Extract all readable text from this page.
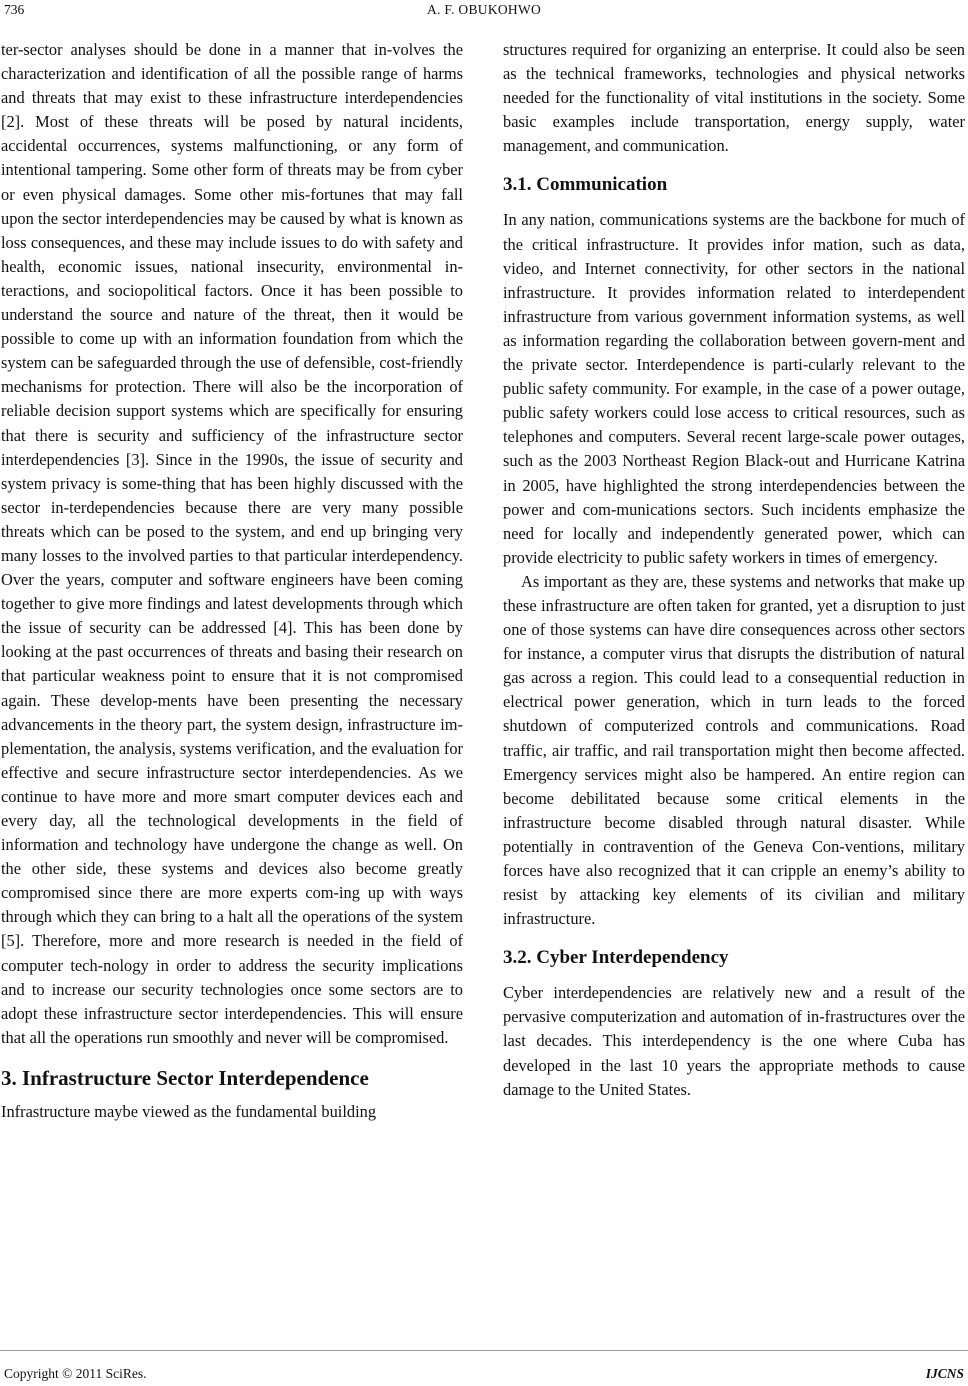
736	A. F. OBUKOHWO

ter-sector analyses should be done in a manner that in-volves the characterization and identification of all the possible range of harms and threats that may exist to these infrastructure interdependencies [2]. Most of these threats will be posed by natural incidents, accidental occurrences, systems malfunctioning, or any form of intentional tampering. Some other form of threats may be from cyber or even physical damages. Some other mis-fortunes that may fall upon the sector interdependencies may be caused by what is known as loss consequences, and these may include issues to do with safety and health, economic issues, national insecurity, environmental in-teractions, and sociopolitical factors. Once it has been possible to understand the source and nature of the threat, then it would be possible to come up with an information foundation from which the system can be safeguarded through the use of defensible, cost-friendly mechanisms for protection. There will also be the incorporation of reliable decision support systems which are specifically for ensuring that there is security and sufficiency of the infrastructure sector interdependencies [3]. Since in the 1990s, the issue of security and system privacy is some-thing that has been highly discussed with the sector in-terdependencies because there are very many possible threats which can be posed to the system, and end up bringing very many losses to the involved parties to that particular interdependency. Over the years, computer and software engineers have been coming together to give more findings and latest developments through which the issue of security can be addressed [4]. This has been done by looking at the past occurrences of threats and basing their research on that particular weakness point to ensure that it is not compromised again. These develop-ments have been presenting the necessary advancements in the theory part, the system design, infrastructure im-plementation, the analysis, systems verification, and the evaluation for effective and secure infrastructure sector interdependencies. As we continue to have more and more smart computer devices each and every day, all the technological developments in the field of information and technology have undergone the change as well. On the other side, these systems and devices also become greatly compromised since there are more experts com-ing up with ways through which they can bring to a halt all the operations of the system [5]. Therefore, more and more research is needed in the field of computer tech-nology in order to address the security implications and to increase our security technologies once some sectors are to adopt these infrastructure sector interdependencies. This will ensure that all the operations run smoothly and never will be compromised.

3. Infrastructure Sector Interdependence

Infrastructure maybe viewed as the fundamental building

structures required for organizing an enterprise. It could also be seen as the technical frameworks, technologies and physical networks needed for the functionality of vital institutions in the society. Some basic examples include transportation, energy supply, water management, and communication.

3.1. Communication

In any nation, communications systems are the backbone for much of the critical infrastructure. It provides infor mation, such as data, video, and Internet connectivity, for other sectors in the national infrastructure. It provides information related to interdependent infrastructure from various government information systems, as well as information regarding the collaboration between govern-ment and the private sector. Interdependence is parti-cularly relevant to the public safety community. For example, in the case of a power outage, public safety workers could lose access to critical resources, such as telephones and computers. Several recent large-scale power outages, such as the 2003 Northeast Region Black-out and Hurricane Katrina in 2005, have highlighted the strong interdependencies between the power and com-munications sectors. Such incidents emphasize the need for locally and independently generated power, which can provide electricity to public safety workers in times of emergency.

As important as they are, these systems and networks that make up these infrastructure are often taken for granted, yet a disruption to just one of those systems can have dire consequences across other sectors for instance, a computer virus that disrupts the distribution of natural gas across a region. This could lead to a consequential reduction in electrical power generation, which in turn leads to the forced shutdown of computerized controls and communications. Road traffic, air traffic, and rail transportation might then become affected. Emergency services might also be hampered. An entire region can become debilitated because some critical elements in the infrastructure become disabled through natural disaster. While potentially in contravention of the Geneva Con-ventions, military forces have also recognized that it can cripple an enemy’s ability to resist by attacking key elements of its civilian and military infrastructure.

3.2. Cyber Interdependency

Cyber interdependencies are relatively new and a result of the pervasive computerization and automation of in-frastructures over the last decades. This interdependency is the one where Cuba has developed in the last 10 years the appropriate methods to cause damage to the United States.

Copyright © 2011 SciRes.	IJCNS
